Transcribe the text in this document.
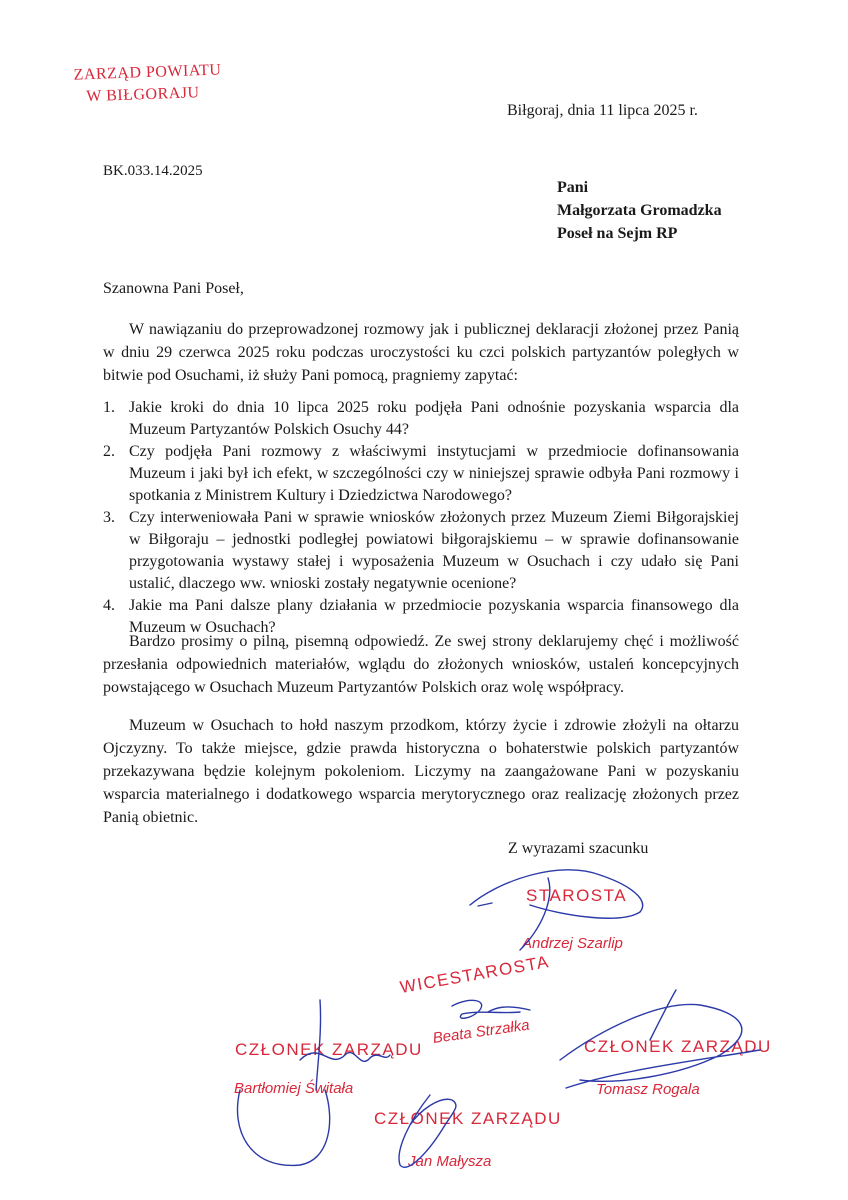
ZARZĄD POWIATU
W BIŁGORAJU
Biłgoraj, dnia 11 lipca 2025 r.
BK.033.14.2025
Pani
Małgorzata Gromadzka
Poseł na Sejm RP
Szanowna Pani Poseł,
W nawiązaniu do przeprowadzonej rozmowy jak i publicznej deklaracji złożonej przez Panią w dniu 29 czerwca 2025 roku podczas uroczystości ku czci polskich partyzantów poległych w bitwie pod Osuchami, iż służy Pani pomocą, pragniemy zapytać:
1. Jakie kroki do dnia 10 lipca 2025 roku podjęła Pani odnośnie pozyskania wsparcia dla Muzeum Partyzantów Polskich Osuchy 44?
2. Czy podjęła Pani rozmowy z właściwymi instytucjami w przedmiocie dofinansowania Muzeum i jaki był ich efekt, w szczególności czy w niniejszej sprawie odbyła Pani rozmowy i spotkania z Ministrem Kultury i Dziedzictwa Narodowego?
3. Czy interweniowała Pani w sprawie wniosków złożonych przez Muzeum Ziemi Biłgorajskiej w Biłgoraju – jednostki podległej powiatowi biłgorajskiemu – w sprawie dofinansowanie przygotowania wystawy stałej i wyposażenia Muzeum w Osuchach i czy udało się Pani ustalić, dlaczego ww. wnioski zostały negatywnie ocenione?
4. Jakie ma Pani dalsze plany działania w przedmiocie pozyskania wsparcia finansowego dla Muzeum w Osuchach?
Bardzo prosimy o pilną, pisemną odpowiedź. Ze swej strony deklarujemy chęć i możliwość przesłania odpowiednich materiałów, wglądu do złożonych wniosków, ustaleń koncepcyjnych powstającego w Osuchach Muzeum Partyzantów Polskich oraz wolę współpracy.
Muzeum w Osuchach to hołd naszym przodkom, którzy życie i zdrowie złożyli na ołtarzu Ojczyzny. To także miejsce, gdzie prawda historyczna o bohaterstwie polskich partyzantów przekazywana będzie kolejnym pokoleniom. Liczymy na zaangażowane Pani w pozyskaniu wsparcia materialnego i dodatkowego wsparcia merytorycznego oraz realizację złożonych przez Panią obietnic.
Z wyrazami szacunku
STAROSTA
Andrzej Szarlip
WICESTAROSTA
Beata Strzałka
CZŁONEK ZARZĄDU
Bartłomiej Świtała
CZŁONEK ZARZĄDU
Tomasz Rogala
CZŁONEK ZARZĄDU
Jan Małysza
